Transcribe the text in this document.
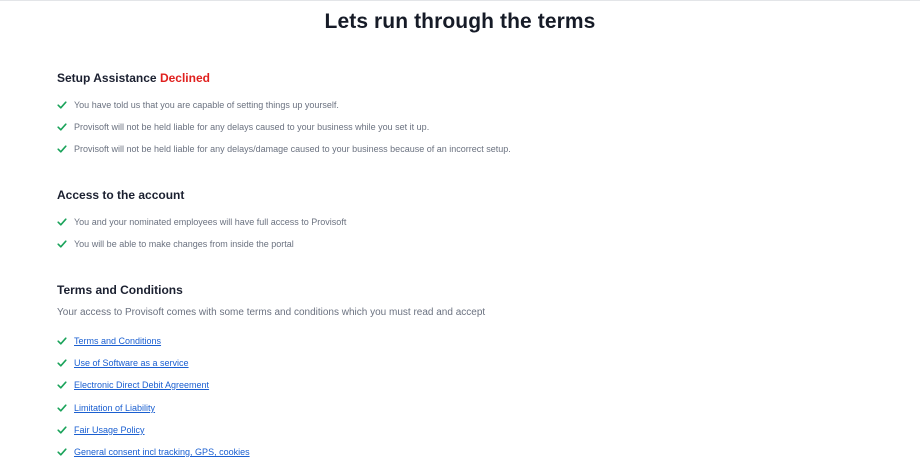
Lets run through the terms
Setup Assistance Declined
You have told us that you are capable of setting things up yourself.
Provisoft will not be held liable for any delays caused to your business while you set it up.
Provisoft will not be held liable for any delays/damage caused to your business because of an incorrect setup.
Access to the account
You and your nominated employees will have full access to Provisoft
You will be able to make changes from inside the portal
Terms and Conditions
Your access to Provisoft comes with some terms and conditions which you must read and accept
Terms and Conditions
Use of Software as a service
Electronic Direct Debit Agreement
Limitation of Liability
Fair Usage Policy
General consent incl tracking, GPS, cookies
